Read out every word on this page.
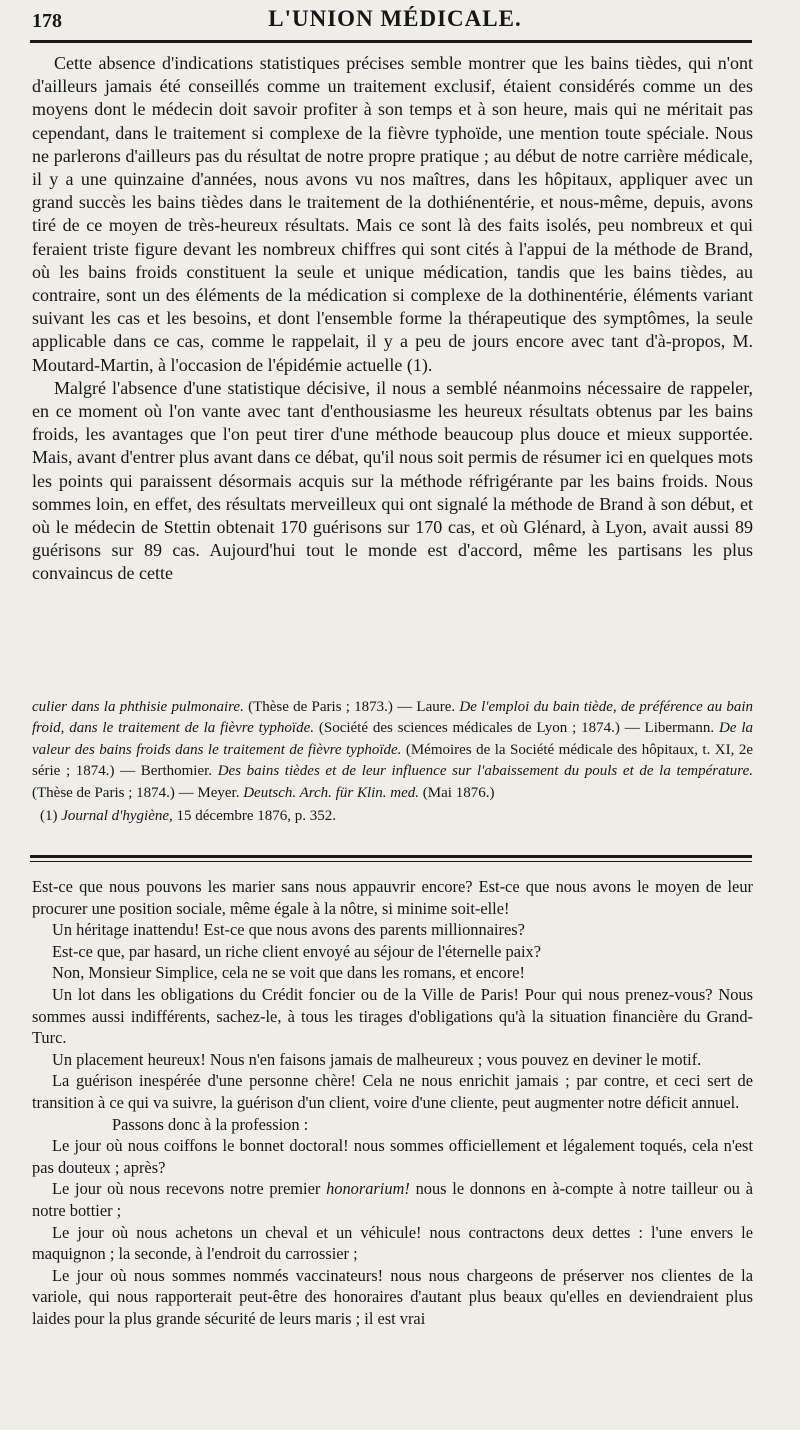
178	L'UNION MÉDICALE.

Cette absence d'indications statistiques précises semble montrer que les bains tièdes, qui n'ont d'ailleurs jamais été conseillés comme un traitement exclusif, étaient considérés comme un des moyens dont le médecin doit savoir profiter à son temps et à son heure, mais qui ne méritait pas cependant, dans le traitement si complexe de la fièvre typhoïde, une mention toute spéciale. Nous ne parlerons d'ailleurs pas du résultat de notre propre pratique ; au début de notre carrière médicale, il y a une quinzaine d'années, nous avons vu nos maîtres, dans les hôpitaux, appliquer avec un grand succès les bains tièdes dans le traitement de la dothiénentérie, et nous-même, depuis, avons tiré de ce moyen de très-heureux résultats. Mais ce sont là des faits isolés, peu nombreux et qui feraient triste figure devant les nombreux chiffres qui sont cités à l'appui de la méthode de Brand, où les bains froids constituent la seule et unique médication, tandis que les bains tièdes, au contraire, sont un des éléments de la médication si complexe de la dothinentérie, éléments variant suivant les cas et les besoins, et dont l'ensemble forme la thérapeutique des symptômes, la seule applicable dans ce cas, comme le rappelait, il y a peu de jours encore avec tant d'à-propos, M. Moutard-Martin, à l'occasion de l'épidémie actuelle (1).

Malgré l'absence d'une statistique décisive, il nous a semblé néanmoins nécessaire de rappeler, en ce moment où l'on vante avec tant d'enthousiasme les heureux résultats obtenus par les bains froids, les avantages que l'on peut tirer d'une méthode beaucoup plus douce et mieux supportée. Mais, avant d'entrer plus avant dans ce débat, qu'il nous soit permis de résumer ici en quelques mots les points qui paraissent désormais acquis sur la méthode réfrigérante par les bains froids. Nous sommes loin, en effet, des résultats merveilleux qui ont signalé la méthode de Brand à son début, et où le médecin de Stettin obtenait 170 guérisons sur 170 cas, et où Glénard, à Lyon, avait aussi 89 guérisons sur 89 cas. Aujourd'hui tout le monde est d'accord, même les partisans les plus convaincus de cette

culier dans la phthisie pulmonaire. (Thèse de Paris ; 1873.) — Laure. De l'emploi du bain tiède, de préférence au bain froid, dans le traitement de la fièvre typhoïde. (Société des sciences médicales de Lyon ; 1874.) — Libermann. De la valeur des bains froids dans le traitement de fièvre typhoïde. (Mémoires de la Société médicale des hôpitaux, t. XI, 2e série ; 1874.) — Berthomier. Des bains tièdes et de leur influence sur l'abaissement du pouls et de la température. (Thèse de Paris ; 1874.) — Meyer. Deutsch. Arch. für Klin. med. (Mai 1876.)

(1) Journal d'hygiène, 15 décembre 1876, p. 352.

Est-ce que nous pouvons les marier sans nous appauvrir encore? Est-ce que nous avons le moyen de leur procurer une position sociale, même égale à la nôtre, si minime soit-elle!

Un héritage inattendu! Est-ce que nous avons des parents millionnaires?

Est-ce que, par hasard, un riche client envoyé au séjour de l'éternelle paix?

Non, Monsieur Simplice, cela ne se voit que dans les romans, et encore!

Un lot dans les obligations du Crédit foncier ou de la Ville de Paris! Pour qui nous prenez-vous? Nous sommes aussi indifférents, sachez-le, à tous les tirages d'obligations qu'à la situation financière du Grand-Turc.

Un placement heureux! Nous n'en faisons jamais de malheureux ; vous pouvez en deviner le motif.

La guérison inespérée d'une personne chère! Cela ne nous enrichit jamais ; par contre, et ceci sert de transition à ce qui va suivre, la guérison d'un client, voire d'une cliente, peut augmenter notre déficit annuel.

Passons donc à la profession :

Le jour où nous coiffons le bonnet doctoral! nous sommes officiellement et légalement toqués, cela n'est pas douteux ; après?

Le jour où nous recevons notre premier honorarium! nous le donnons en à-compte à notre tailleur ou à notre bottier ;

Le jour où nous achetons un cheval et un véhicule! nous contractons deux dettes : l'une envers le maquignon ; la seconde, à l'endroit du carrossier ;

Le jour où nous sommes nommés vaccinateurs! nous nous chargeons de préserver nos clientes de la variole, qui nous rapporterait peut-être des honoraires d'autant plus beaux qu'elles en deviendraient plus laides pour la plus grande sécurité de leurs maris ; il est vrai
